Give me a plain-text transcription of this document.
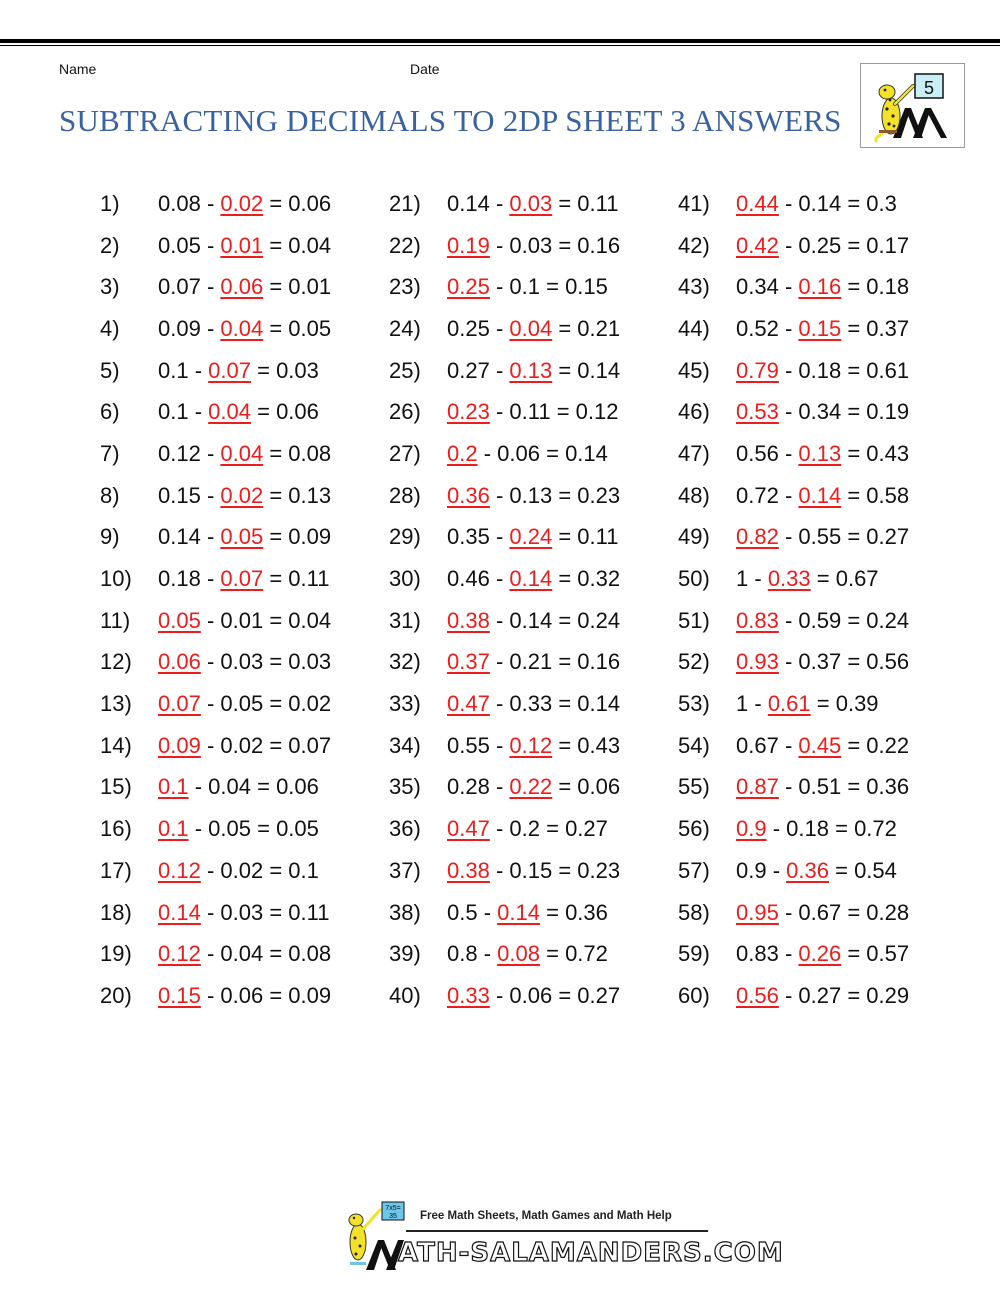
Name	Date
SUBTRACTING DECIMALS TO 2DP SHEET 3 ANSWERS
5
1)	0.08 - 0.02 = 0.06
2)	0.05 - 0.01 = 0.04
3)	0.07 - 0.06 = 0.01
4)	0.09 - 0.04 = 0.05
5)	0.1 - 0.07 = 0.03
6)	0.1 - 0.04 = 0.06
7)	0.12 - 0.04 = 0.08
8)	0.15 - 0.02 = 0.13
9)	0.14 - 0.05 = 0.09
10)	0.18 - 0.07 = 0.11
11)	0.05 - 0.01 = 0.04
12)	0.06 - 0.03 = 0.03
13)	0.07 - 0.05 = 0.02
14)	0.09 - 0.02 = 0.07
15)	0.1 - 0.04 = 0.06
16)	0.1 - 0.05 = 0.05
17)	0.12 - 0.02 = 0.1
18)	0.14 - 0.03 = 0.11
19)	0.12 - 0.04 = 0.08
20)	0.15 - 0.06 = 0.09
21)	0.14 - 0.03 = 0.11
22)	0.19 - 0.03 = 0.16
23)	0.25 - 0.1 = 0.15
24)	0.25 - 0.04 = 0.21
25)	0.27 - 0.13 = 0.14
26)	0.23 - 0.11 = 0.12
27)	0.2 - 0.06 = 0.14
28)	0.36 - 0.13 = 0.23
29)	0.35 - 0.24 = 0.11
30)	0.46 - 0.14 = 0.32
31)	0.38 - 0.14 = 0.24
32)	0.37 - 0.21 = 0.16
33)	0.47 - 0.33 = 0.14
34)	0.55 - 0.12 = 0.43
35)	0.28 - 0.22 = 0.06
36)	0.47 - 0.2 = 0.27
37)	0.38 - 0.15 = 0.23
38)	0.5 - 0.14 = 0.36
39)	0.8 - 0.08 = 0.72
40)	0.33 - 0.06 = 0.27
41)	0.44 - 0.14 = 0.3
42)	0.42 - 0.25 = 0.17
43)	0.34 - 0.16 = 0.18
44)	0.52 - 0.15 = 0.37
45)	0.79 - 0.18 = 0.61
46)	0.53 - 0.34 = 0.19
47)	0.56 - 0.13 = 0.43
48)	0.72 - 0.14 = 0.58
49)	0.82 - 0.55 = 0.27
50)	1 - 0.33 = 0.67
51)	0.83 - 0.59 = 0.24
52)	0.93 - 0.37 = 0.56
53)	1 - 0.61 = 0.39
54)	0.67 - 0.45 = 0.22
55)	0.87 - 0.51 = 0.36
56)	0.9 - 0.18 = 0.72
57)	0.9 - 0.36 = 0.54
58)	0.95 - 0.67 = 0.28
59)	0.83 - 0.26 = 0.57
60)	0.56 - 0.27 = 0.29
7x5=
35 Free Math Sheets, Math Games and Math Help
ATH-SALAMANDERS.COM
